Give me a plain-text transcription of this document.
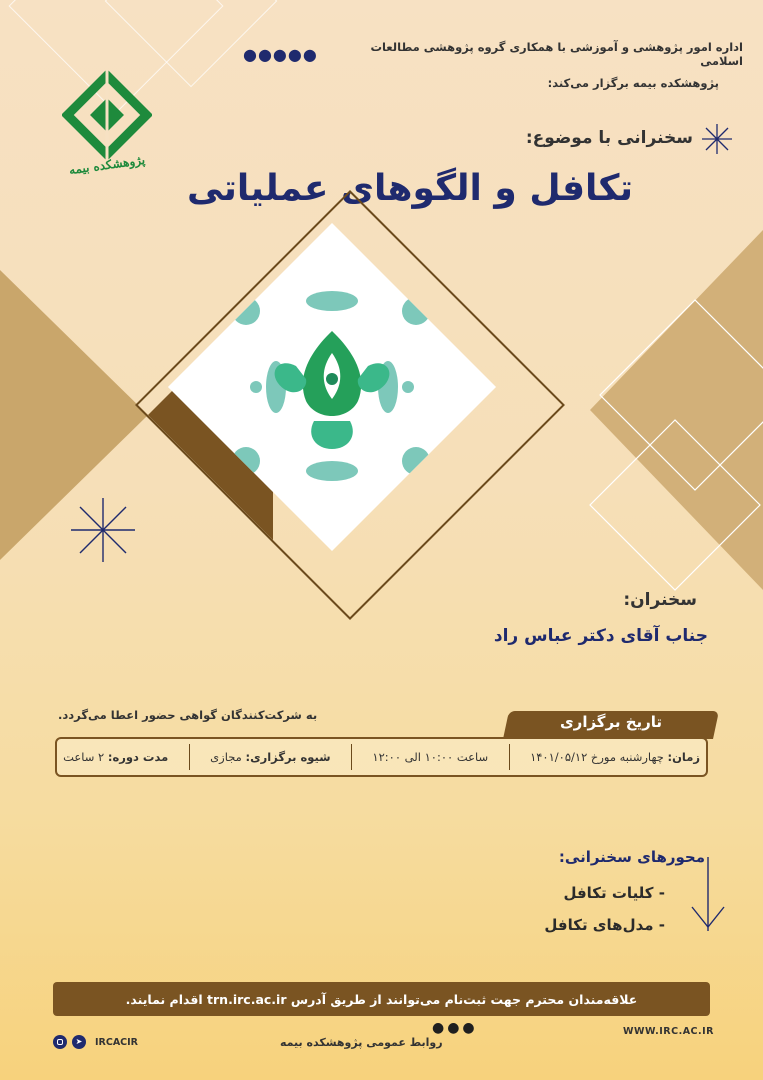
●●●●●	اداره امور پژوهشی و آموزشی با همکاری گروه پژوهشی مطالعات اسلامی
پژوهشکده بیمه برگزار می‌کند:
پژوهشکده بیمه
سخنرانی با موضوع:
تکافل و الگوهای عملیاتی
سخنران:
جناب آقای دکتر عباس راد
به شرکت‌کنندگان گواهی حضور اعطا می‌گردد.	تاریخ برگزاری
زمان: چهارشنبه مورخ ۱۴۰۱/۰۵/۱۲
ساعت ۱۰:۰۰ الی ۱۲:۰۰
شیوه برگزاری: مجازی
مدت دوره: ۲ ساعت
محورهای سخنرانی:
- کلیات تکافل
- مدل‌های تکافل
علاقه‌مندان محترم جهت ثبت‌نام می‌توانند از طریق آدرس trn.irc.ac.ir اقدام نمایند.
WWW.IRC.AC.IR
●●●
روابط عمومی پژوهشکده بیمه
➤	IRCACIR
